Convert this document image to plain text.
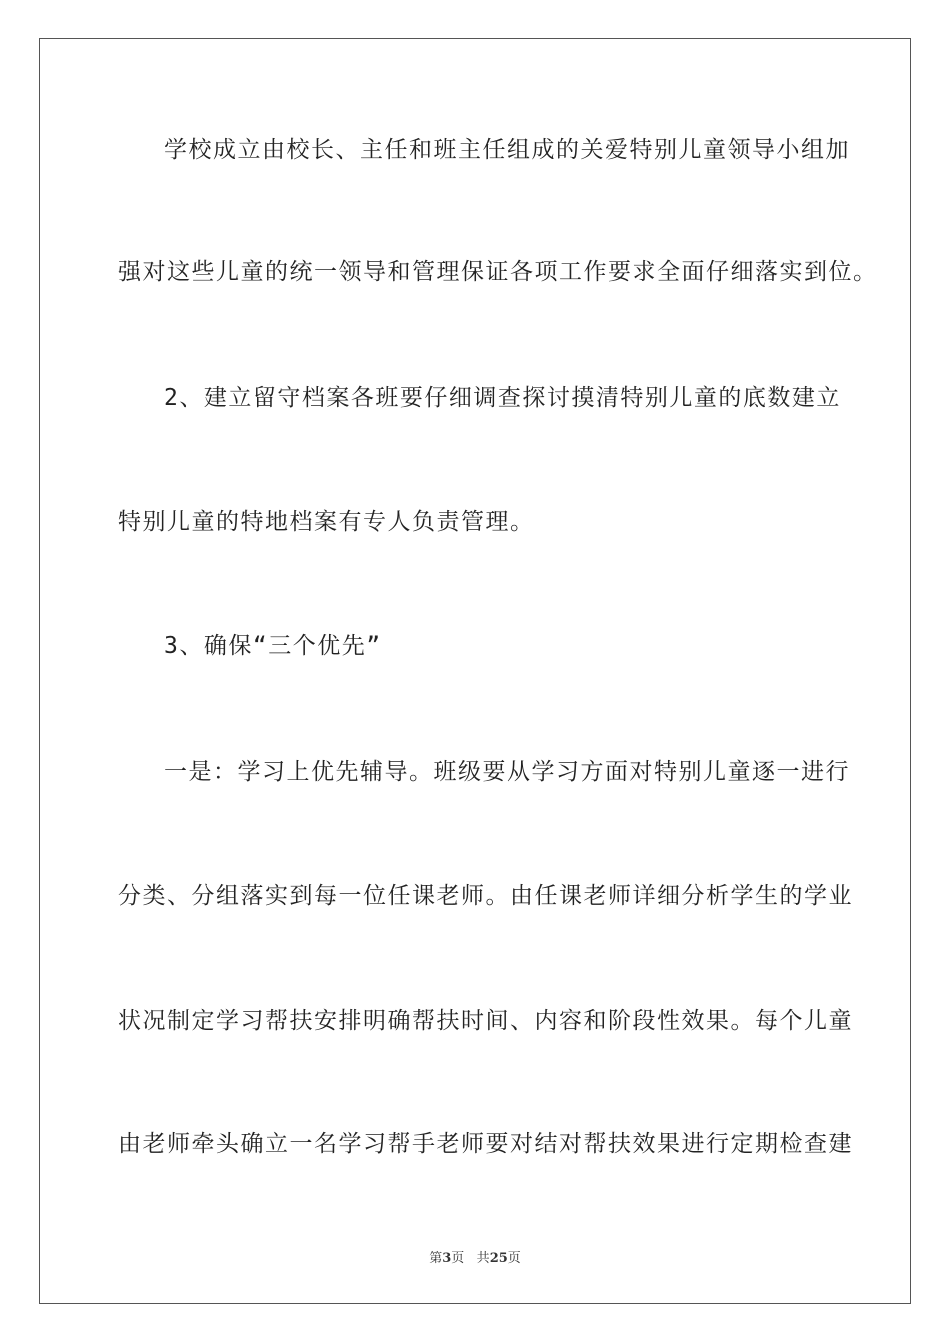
学校成立由校长、主任和班主任组成的关爱特别儿童领导小组加
强对这些儿童的统一领导和管理保证各项工作要求全面仔细落实到位。
2、建立留守档案各班要仔细调查探讨摸清特别儿童的底数建立
特别儿童的特地档案有专人负责管理。
3、确保“三个优先”
一是：学习上优先辅导。班级要从学习方面对特别儿童逐一进行
分类、分组落实到每一位任课老师。由任课老师详细分析学生的学业
状况制定学习帮扶安排明确帮扶时间、内容和阶段性效果。每个儿童
由老师牵头确立一名学习帮手老师要对结对帮扶效果进行定期检查建
第3页 共25页
